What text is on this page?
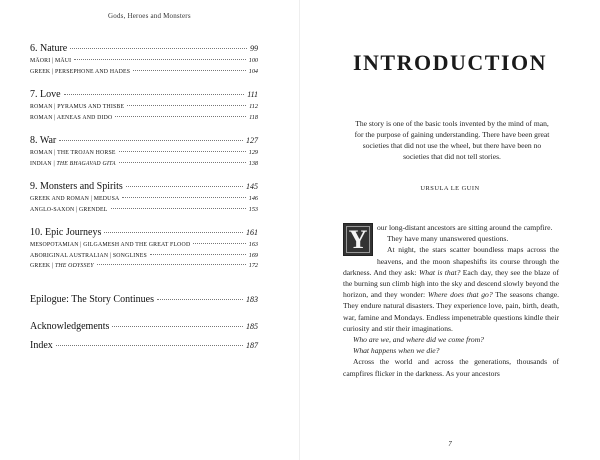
Gods, Heroes and Monsters
6. Nature	99
MĀORI | MĀUI	100
GREEK | PERSEPHONE AND HADES	104
7. Love	111
ROMAN | PYRAMUS AND THISBE	112
ROMAN | AENEAS AND DIDO	118
8. War	127
ROMAN | THE TROJAN HORSE	129
INDIAN | THE BHAGAVAD GITA	138
9. Monsters and Spirits	145
GREEK AND ROMAN | MEDUSA	146
ANGLO-SAXON | GRENDEL	153
10. Epic Journeys	161
MESOPOTAMIAN | GILGAMESH AND THE GREAT FLOOD	163
ABORIGINAL AUSTRALIAN | SONGLINES	169
GREEK | THE ODYSSEY	172
Epilogue: The Story Continues	183
Acknowledgements	185
Index	187
INTRODUCTION
The story is one of the basic tools invented by the mind of man, for the purpose of gaining understanding. There have been great societies that did not use the wheel, but there have been no societies that did not tell stories.
URSULA LE GUIN

Y our long-distant ancestors are sitting around the campfire.

They have many unanswered questions.

At night, the stars scatter boundless maps across the heavens, and the moon shapeshifts its course through the darkness. And they ask: What is that? Each day, they see the blaze of the burning sun climb high into the sky and descend slowly beyond the horizon, and they wonder: Where does that go? The seasons change. They endure natural disasters. They experience love, pain, birth, death, war, famine and Mondays. Endless impenetrable questions kindle their curiosity and stir their imaginations.

Who are we, and where did we come from?

What happens when we die?

Across the world and across the generations, thousands of campfires flicker in the darkness. As your ancestors

7
